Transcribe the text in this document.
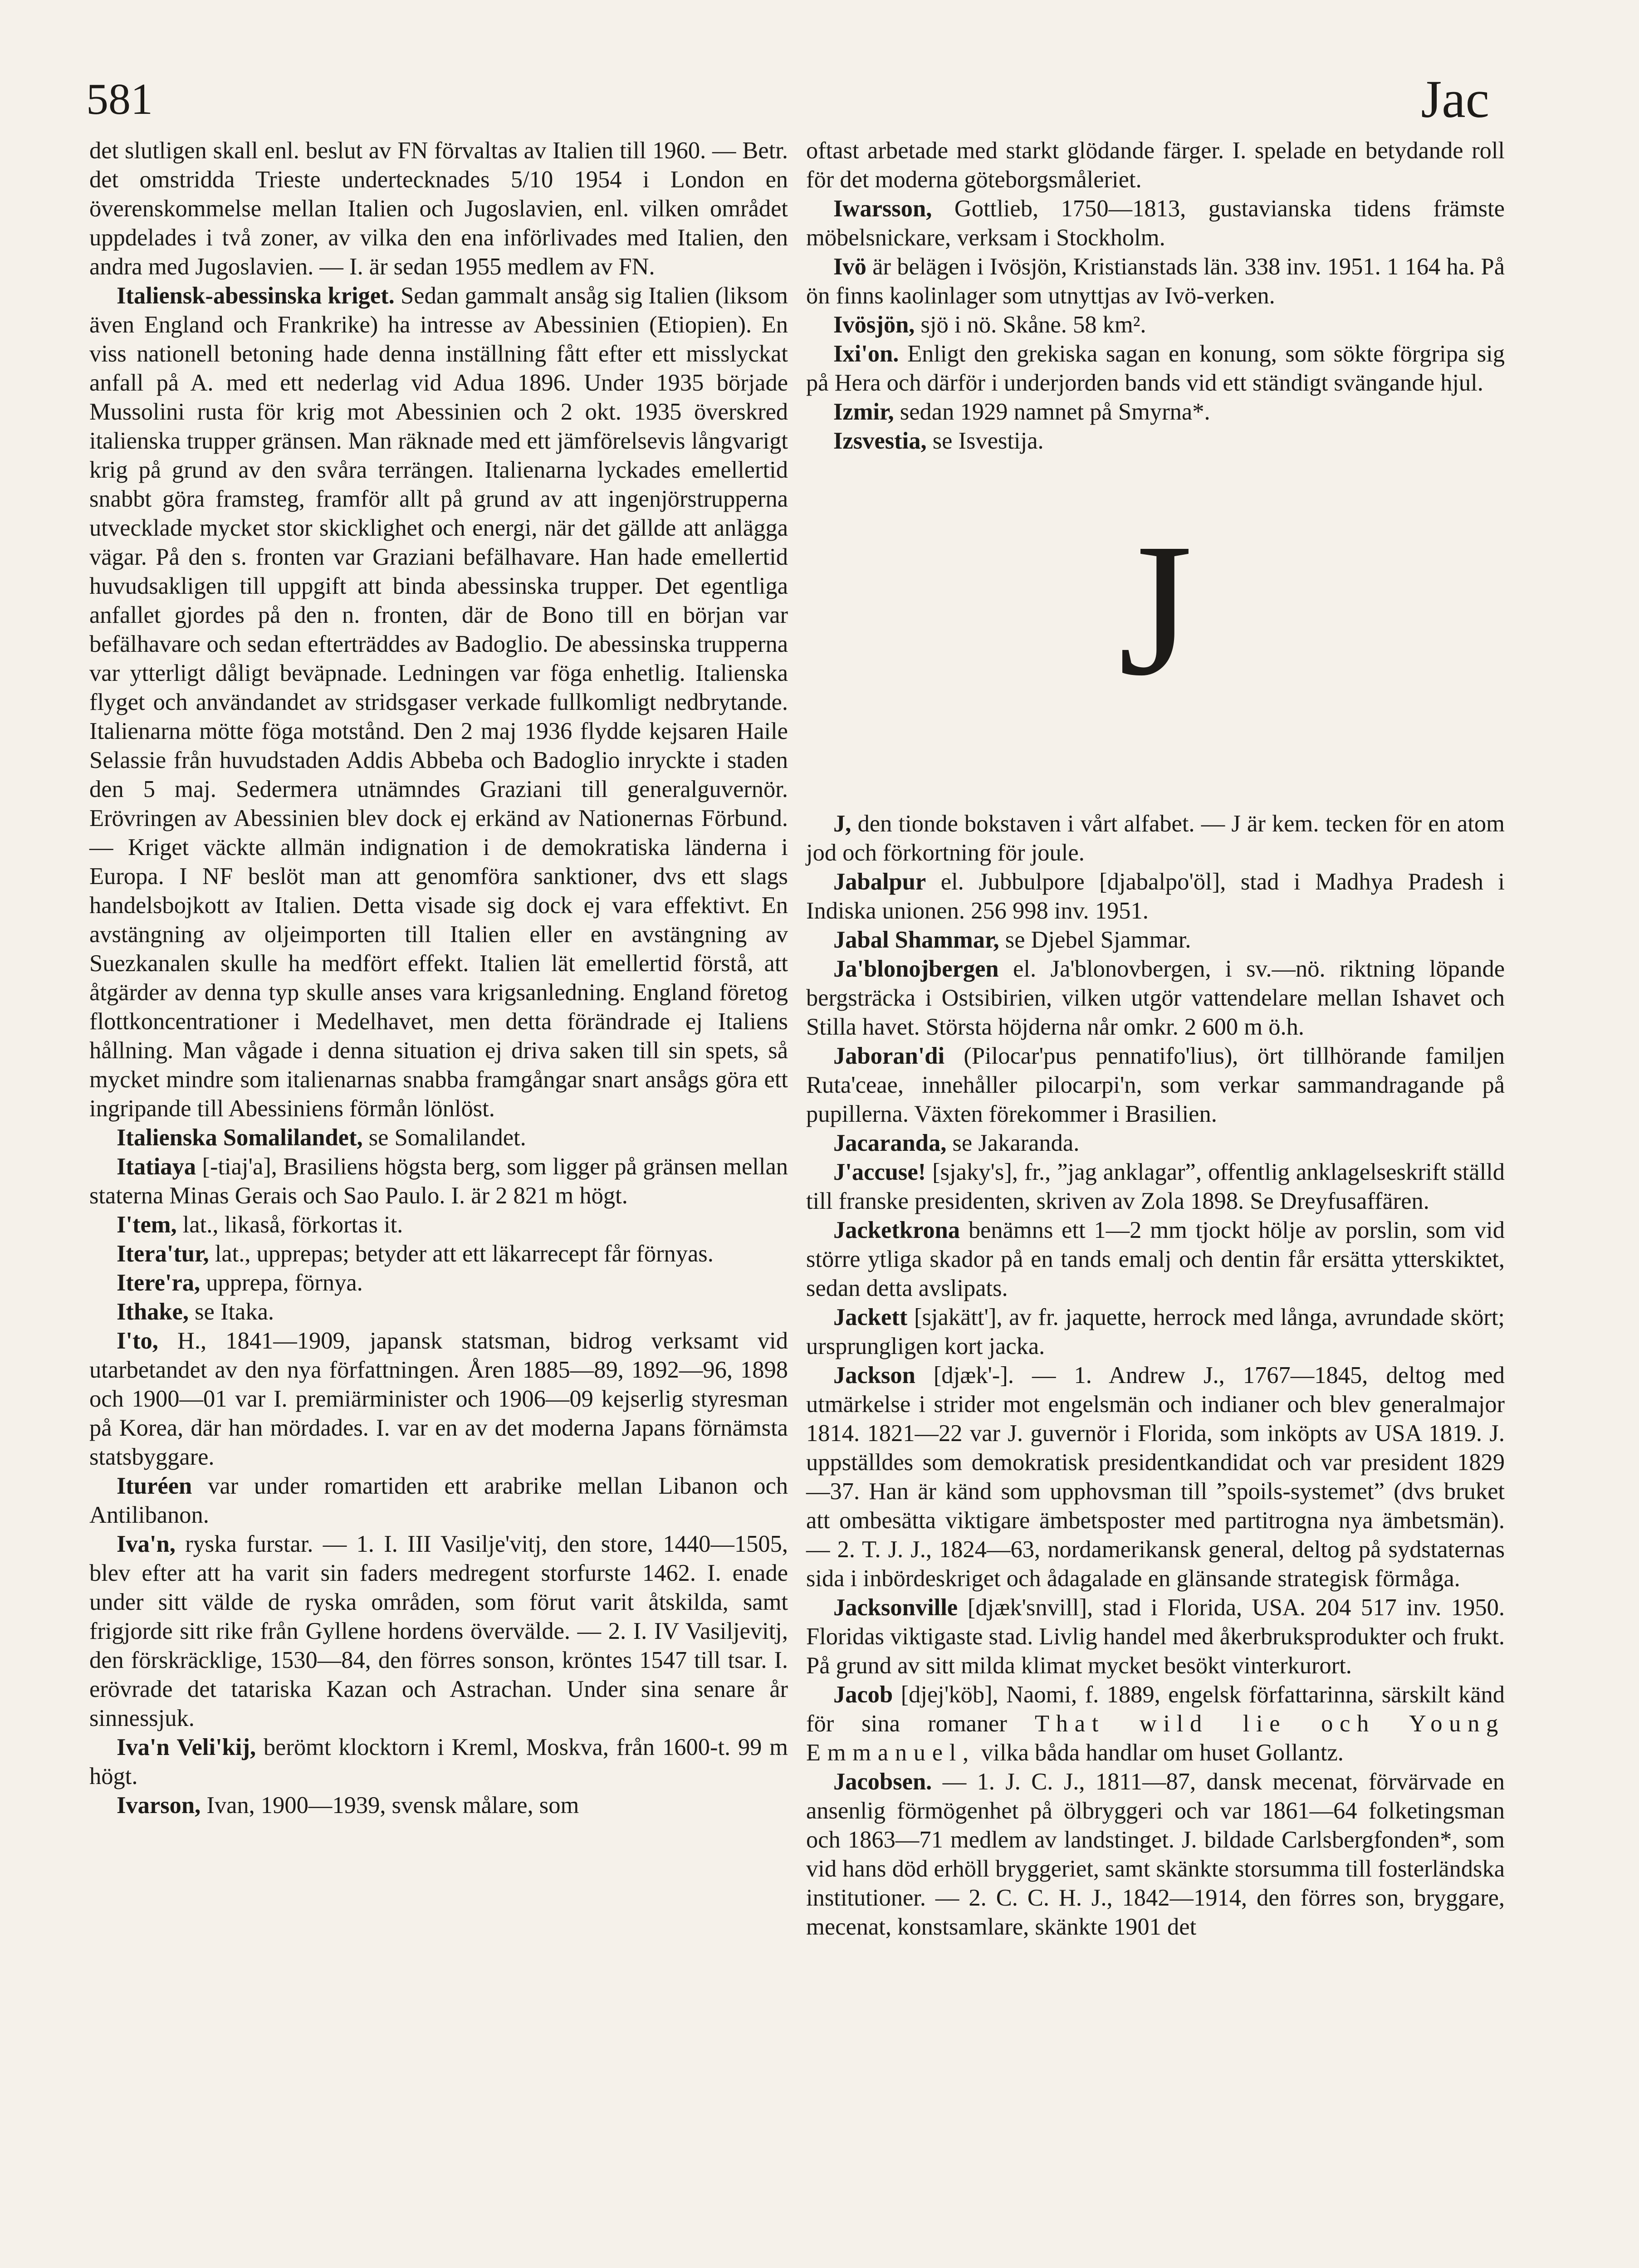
581	Jac

det slutligen skall enl. beslut av FN förvaltas av Italien till 1960. — Betr. det omstridda Trieste undertecknades 5/10 1954 i London en överenskommelse mellan Italien och Jugoslavien, enl. vilken området uppdelades i två zoner, av vilka den ena införlivades med Italien, den andra med Jugoslavien. — I. är sedan 1955 medlem av FN.

Italiensk-abessinska kriget. Sedan gammalt ansåg sig Italien (liksom även England och Frankrike) ha intresse av Abessinien (Etiopien). En viss nationell betoning hade denna inställning fått efter ett misslyckat anfall på A. med ett nederlag vid Adua 1896. Under 1935 började Mussolini rusta för krig mot Abessinien och 2 okt. 1935 överskred italienska trupper gränsen. Man räknade med ett jämförelsevis långvarigt krig på grund av den svåra terrängen. Italienarna lyckades emellertid snabbt göra framsteg, framför allt på grund av att ingenjörstrupperna utvecklade mycket stor skicklighet och energi, när det gällde att anlägga vägar. På den s. fronten var Graziani befälhavare. Han hade emellertid huvudsakligen till uppgift att binda abessinska trupper. Det egentliga anfallet gjordes på den n. fronten, där de Bono till en början var befälhavare och sedan efterträddes av Badoglio. De abessinska trupperna var ytterligt dåligt beväpnade. Ledningen var föga enhetlig. Italienska flyget och användandet av stridsgaser verkade fullkomligt nedbrytande. Italienarna mötte föga motstånd. Den 2 maj 1936 flydde kejsaren Haile Selassie från huvudstaden Addis Abbeba och Badoglio inryckte i staden den 5 maj. Sedermera utnämndes Graziani till generalguvernör. Erövringen av Abessinien blev dock ej erkänd av Nationernas Förbund. — Kriget väckte allmän indignation i de demokratiska länderna i Europa. I NF beslöt man att genomföra sanktioner, dvs ett slags handelsbojkott av Italien. Detta visade sig dock ej vara effektivt. En avstängning av oljeimporten till Italien eller en avstängning av Suezkanalen skulle ha medfört effekt. Italien lät emellertid förstå, att åtgärder av denna typ skulle anses vara krigsanledning. England företog flottkoncentrationer i Medelhavet, men detta förändrade ej Italiens hållning. Man vågade i denna situation ej driva saken till sin spets, så mycket mindre som italienarnas snabba framgångar snart ansågs göra ett ingripande till Abessiniens förmån lönlöst.

Italienska Somalilandet, se Somalilandet.

Itatiaya [-tiaj'a], Brasiliens högsta berg, som ligger på gränsen mellan staterna Minas Gerais och Sao Paulo. I. är 2 821 m högt.

I'tem, lat., likaså, förkortas it.

Itera'tur, lat., upprepas; betyder att ett läkarrecept får förnyas.

Itere'ra, upprepa, förnya.

Ithake, se Itaka.

I'to, H., 1841—1909, japansk statsman, bidrog verksamt vid utarbetandet av den nya författningen. Åren 1885—89, 1892—96, 1898 och 1900—01 var I. premiärminister och 1906—09 kejserlig styresman på Korea, där han mördades. I. var en av det moderna Japans förnämsta statsbyggare.

Ituréen var under romartiden ett arabrike mellan Libanon och Antilibanon.

Iva'n, ryska furstar. — 1. I. III Vasilje'vitj, den store, 1440—1505, blev efter att ha varit sin faders medregent storfurste 1462. I. enade under sitt välde de ryska områden, som förut varit åtskilda, samt frigjorde sitt rike från Gyllene hordens övervälde. — 2. I. IV Vasiljevitj, den förskräcklige, 1530—84, den förres sonson, kröntes 1547 till tsar. I. erövrade det tatariska Kazan och Astrachan. Under sina senare år sinnessjuk.

Iva'n Veli'kij, berömt klocktorn i Kreml, Moskva, från 1600-t. 99 m högt.

Ivarson, Ivan, 1900—1939, svensk målare, som

oftast arbetade med starkt glödande färger. I. spelade en betydande roll för det moderna göteborgsmåleriet.

Iwarsson, Gottlieb, 1750—1813, gustavianska tidens främste möbelsnickare, verksam i Stockholm.

Ivö är belägen i Ivösjön, Kristianstads län. 338 inv. 1951. 1 164 ha. På ön finns kaolinlager som utnyttjas av Ivö-verken.

Ivösjön, sjö i nö. Skåne. 58 km².

Ixi'on. Enligt den grekiska sagan en konung, som sökte förgripa sig på Hera och därför i underjorden bands vid ett ständigt svängande hjul.

Izmir, sedan 1929 namnet på Smyrna*.

Izsvestia, se Isvestija.

J

J, den tionde bokstaven i vårt alfabet. — J är kem. tecken för en atom jod och förkortning för joule.

Jabalpur el. Jubbulpore [djabalpo'öl], stad i Madhya Pradesh i Indiska unionen. 256 998 inv. 1951.

Jabal Shammar, se Djebel Sjammar.

Ja'blonojbergen el. Ja'blonovbergen, i sv.—nö. riktning löpande bergsträcka i Ostsibirien, vilken utgör vattendelare mellan Ishavet och Stilla havet. Största höjderna når omkr. 2 600 m ö.h.

Jaboran'di (Pilocar'pus pennatifo'lius), ört tillhörande familjen Ruta'ceae, innehåller pilocarpi'n, som verkar sammandragande på pupillerna. Växten förekommer i Brasilien.

Jacaranda, se Jakaranda.

J'accuse! [sjaky's], fr., ”jag anklagar”, offentlig anklagelseskrift ställd till franske presidenten, skriven av Zola 1898. Se Dreyfusaffären.

Jacketkrona benämns ett 1—2 mm tjockt hölje av porslin, som vid större ytliga skador på en tands emalj och dentin får ersätta ytterskiktet, sedan detta avslipats.

Jackett [sjakätt'], av fr. jaquette, herrock med långa, avrundade skört; ursprungligen kort jacka.

Jackson [djæk'-]. — 1. Andrew J., 1767—1845, deltog med utmärkelse i strider mot engelsmän och indianer och blev generalmajor 1814. 1821—22 var J. guvernör i Florida, som inköpts av USA 1819. J. uppställdes som demokratisk presidentkandidat och var president 1829—37. Han är känd som upphovsman till ”spoils-systemet” (dvs bruket att ombesätta viktigare ämbetsposter med partitrogna nya ämbetsmän). — 2. T. J. J., 1824—63, nordamerikansk general, deltog på sydstaternas sida i inbördeskriget och ådagalade en glänsande strategisk förmåga.

Jacksonville [djæk'snvill], stad i Florida, USA. 204 517 inv. 1950. Floridas viktigaste stad. Livlig handel med åkerbruksprodukter och frukt. På grund av sitt milda klimat mycket besökt vinterkurort.

Jacob [djej'köb], Naomi, f. 1889, engelsk författarinna, särskilt känd för sina romaner That wild lie och Young Emmanuel, vilka båda handlar om huset Gollantz.

Jacobsen. — 1. J. C. J., 1811—87, dansk mecenat, förvärvade en ansenlig förmögenhet på ölbryggeri och var 1861—64 folketingsman och 1863—71 medlem av landstinget. J. bildade Carlsbergfonden*, som vid hans död erhöll bryggeriet, samt skänkte storsumma till fosterländska institutioner. — 2. C. C. H. J., 1842—1914, den förres son, bryggare, mecenat, konstsamlare, skänkte 1901 det
